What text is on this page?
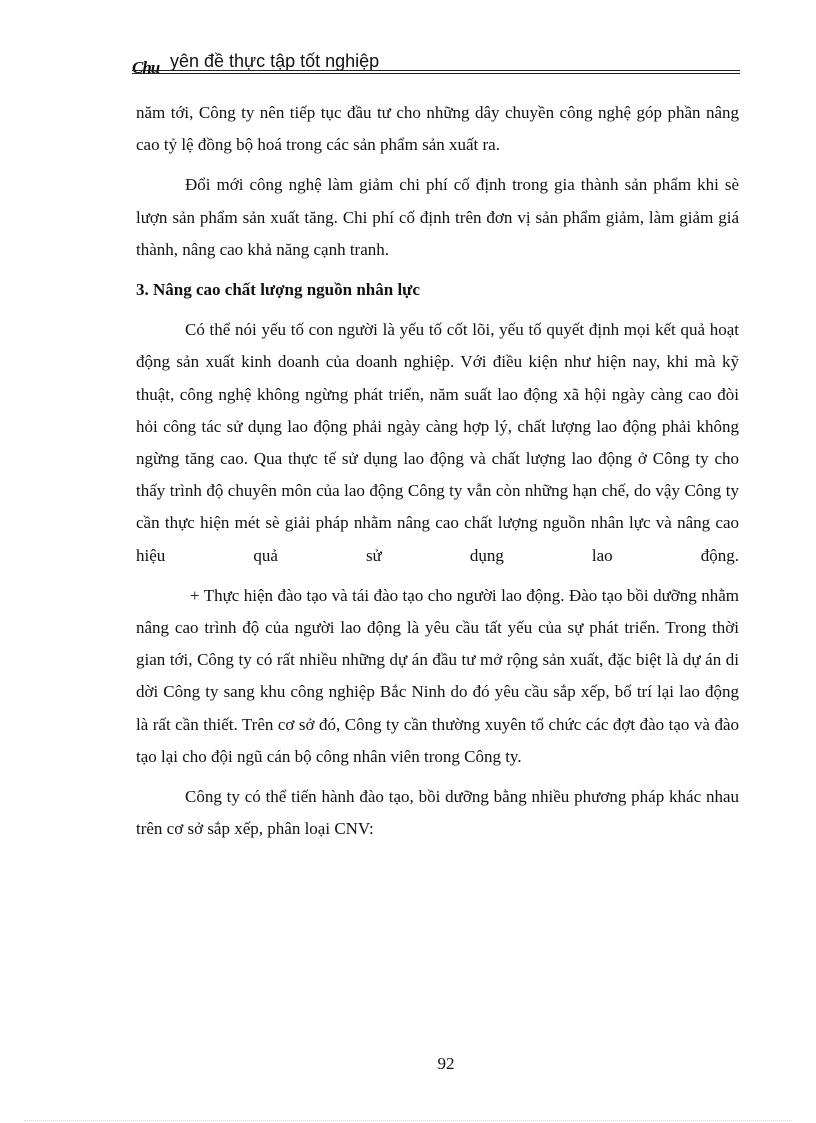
Chu yên đề thực tập tốt nghiệp

năm tới, Công ty nên tiếp tục đầu tư cho những dây chuyền công nghệ góp phần nâng cao tỷ lệ đồng bộ hoá trong các sản phẩm sản xuất ra.

Đổi mới công nghệ làm giảm chi phí cố định trong gia thành sản phẩm khi sè lượn sản phẩm sản xuất tăng. Chi phí cố định trên đơn vị sản phẩm giảm, làm giảm giá thành, nâng cao khả năng cạnh tranh.

3. Nâng cao chất lượng nguồn nhân lực

Có thể nói yếu tố con người là yếu tố cốt lõi, yếu tố quyết định mọi kết quả hoạt động sản xuất kinh doanh của doanh nghiệp. Với điều kiện như hiện nay, khi mà kỹ thuật, công nghệ không ngừng phát triển, năm suất lao động xã hội ngày càng cao đòi hỏi công tác sử dụng lao động phải ngày càng hợp lý, chất lượng lao động phải không ngừng tăng cao. Qua thực tế sử dụng lao động và chất lượng lao động ở Công ty cho thấy trình độ chuyên môn của lao động Công ty vẫn còn những hạn chế, do vậy Công ty cần thực hiện mét sè giải pháp nhằm nâng cao chất lượng nguồn nhân lực và nâng cao hiệu quả sử dụng lao động.

+ Thực hiện đào tạo và tái đào tạo cho người lao động. Đào tạo bồi dưỡng nhằm nâng cao trình độ của người lao động là yêu cầu tất yếu của sự phát triển. Trong thời gian tới, Công ty có rất nhiều những dự án đầu tư mở rộng sản xuất, đặc biệt là dự án di dời Công ty sang khu công nghiệp Bắc Ninh do đó yêu cầu sắp xếp, bố trí lại lao động là rất cần thiết. Trên cơ sở đó, Công ty cần thường xuyên tổ chức các đợt đào tạo và đào tạo lại cho đội ngũ cán bộ công nhân viên trong Công ty.

Công ty có thể tiến hành đào tạo, bồi dưỡng bằng nhiều phương pháp khác nhau trên cơ sở sắp xếp, phân loại CNV:

92
